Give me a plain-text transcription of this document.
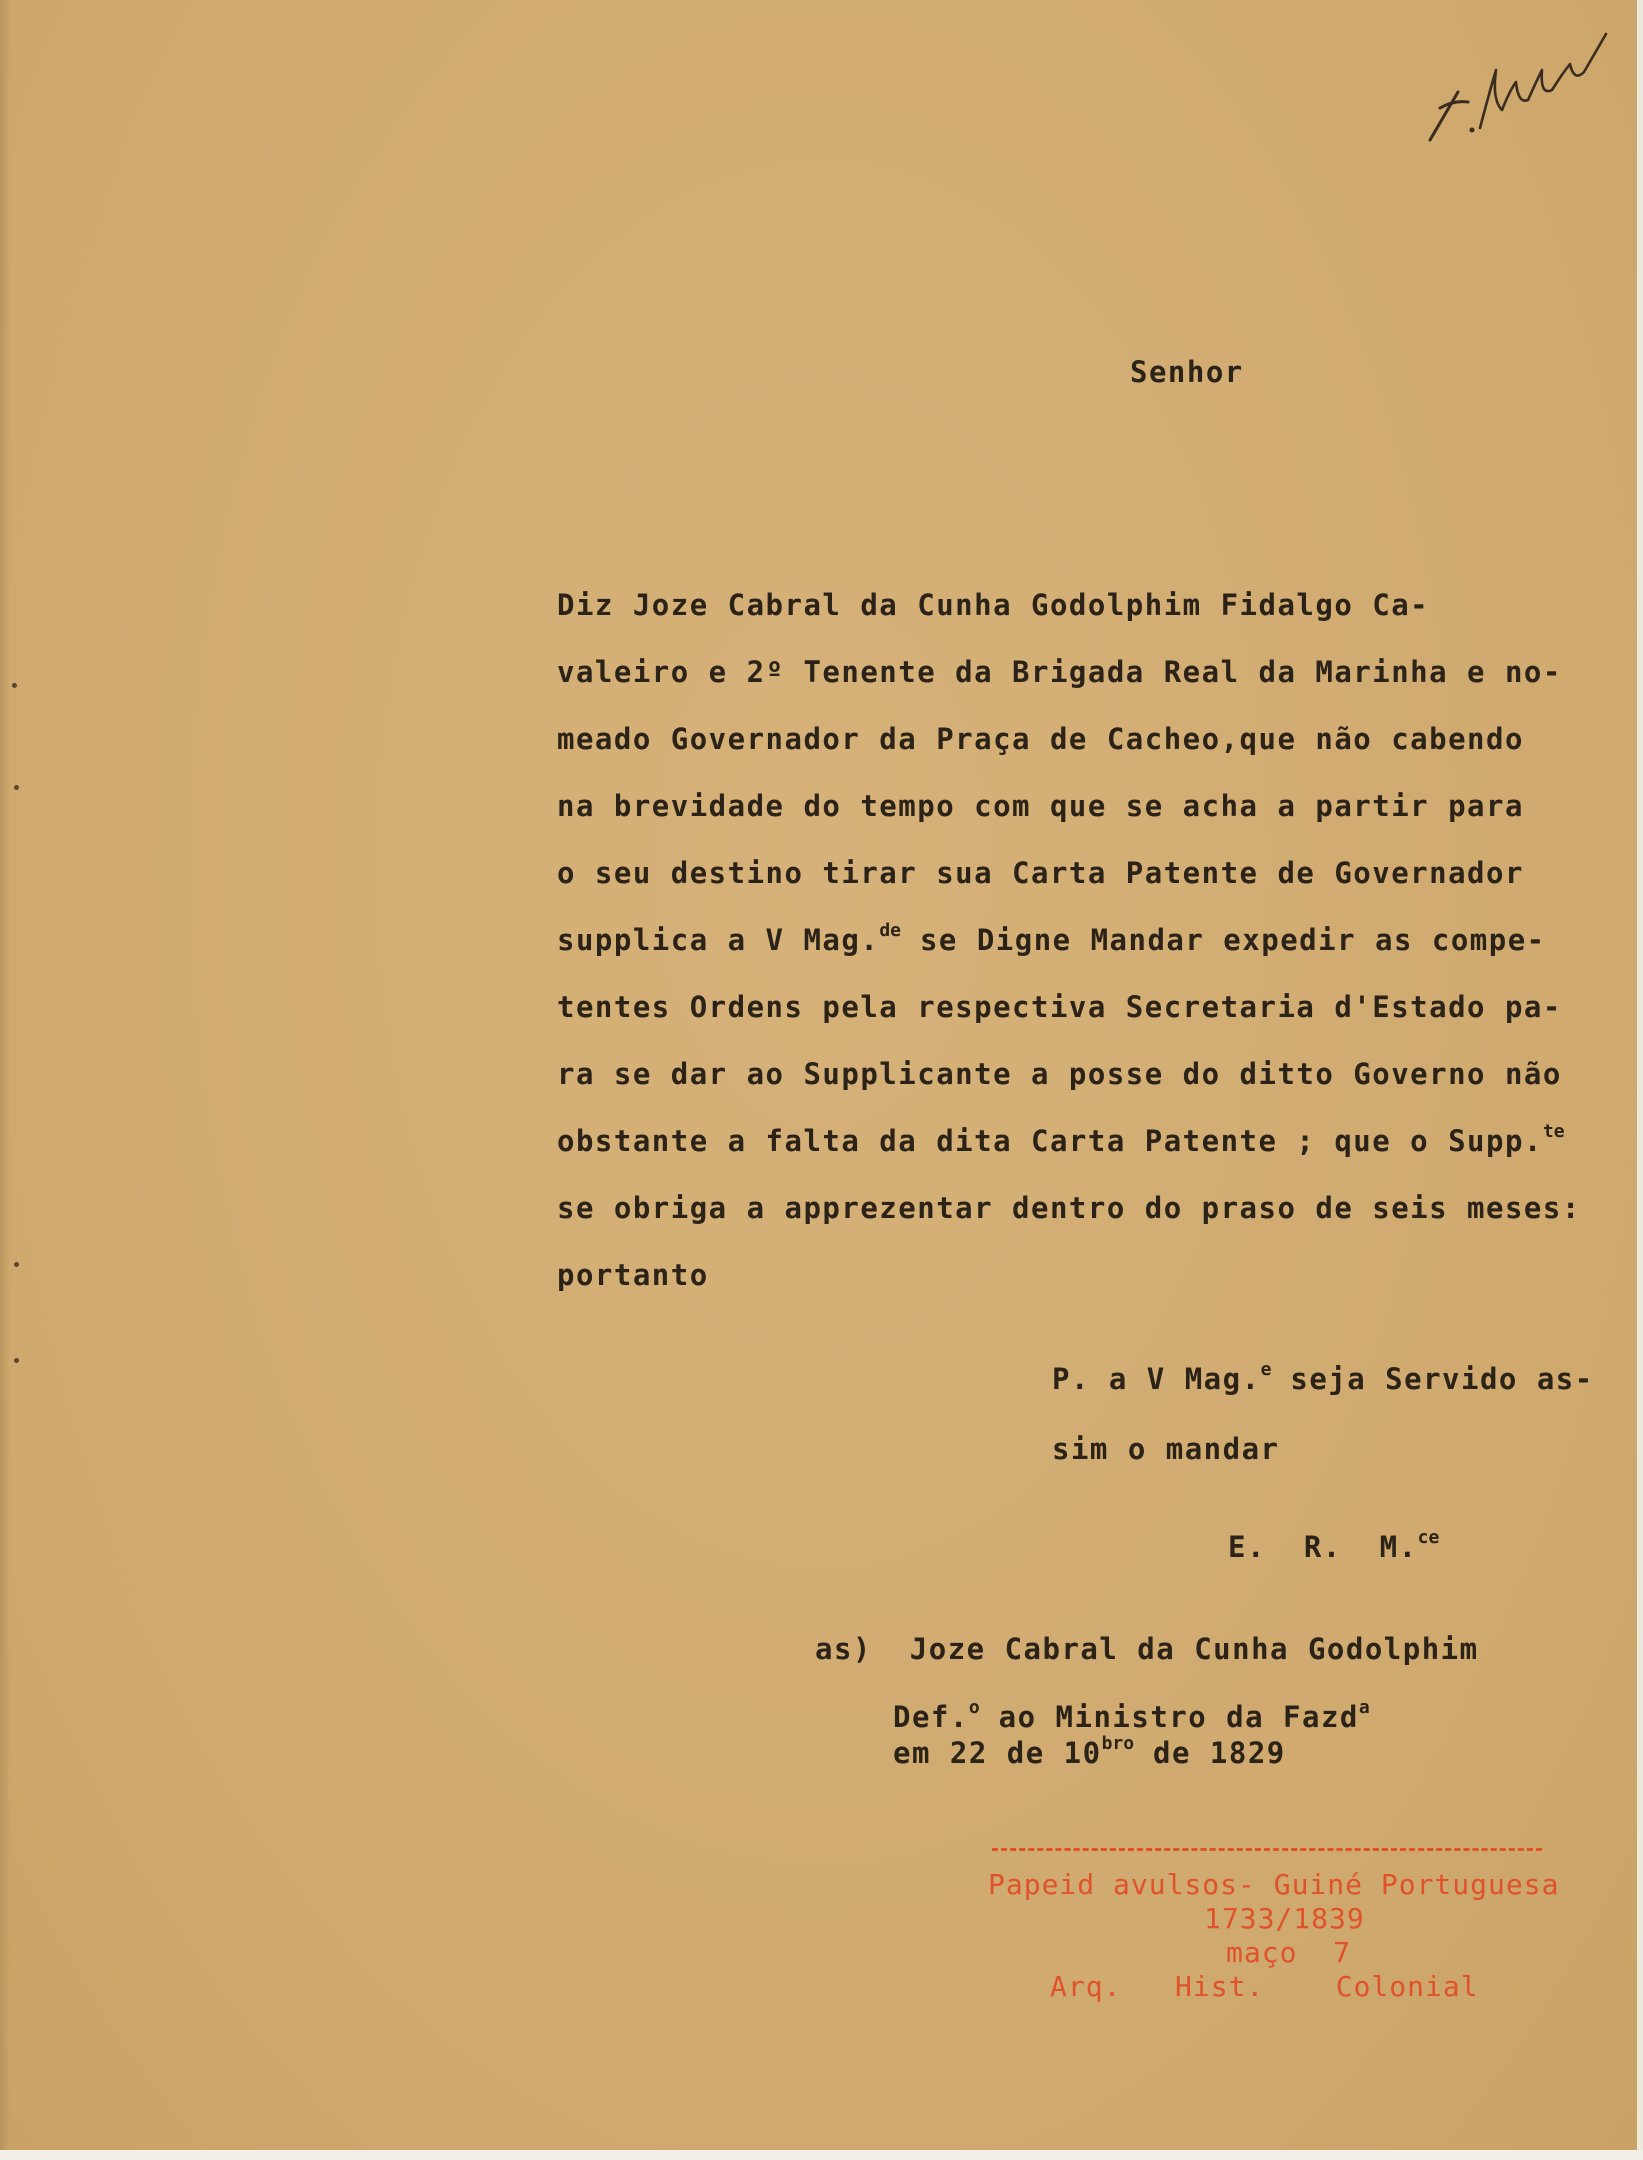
Senhor
Diz Joze Cabral da Cunha Godolphim Fidalgo Ca-
valeiro e 2º Tenente da Brigada Real da Marinha e no-
meado Governador da Praça de Cacheo,que não cabendo
na brevidade do tempo com que se acha a partir para
o seu destino tirar sua Carta Patente de Governador
supplica a V Mag.$^{de}$ se Digne Mandar expedir as compe-
tentes Ordens pela respectiva Secretaria d'Estado pa-
ra se dar ao Supplicante a posse do ditto Governo não
obstante a falta da dita Carta Patente ; que o Supp.$^{te}$
se obriga a apprezentar dentro do praso de seis meses:
portanto
P. a V Mag.$^e$ seja Servido as-
sim o mandar
E.  R.  M.$^{ce}$
as)  Joze Cabral da Cunha Godolphim
Def.$^o$ ao Ministro da Fazd$^a$
em 22 de $10^{bro}$ de 1829
Papeid avulsos- Guiné Portuguesa
1733/1839
maço  7
Arq.   Hist.    Colonial
